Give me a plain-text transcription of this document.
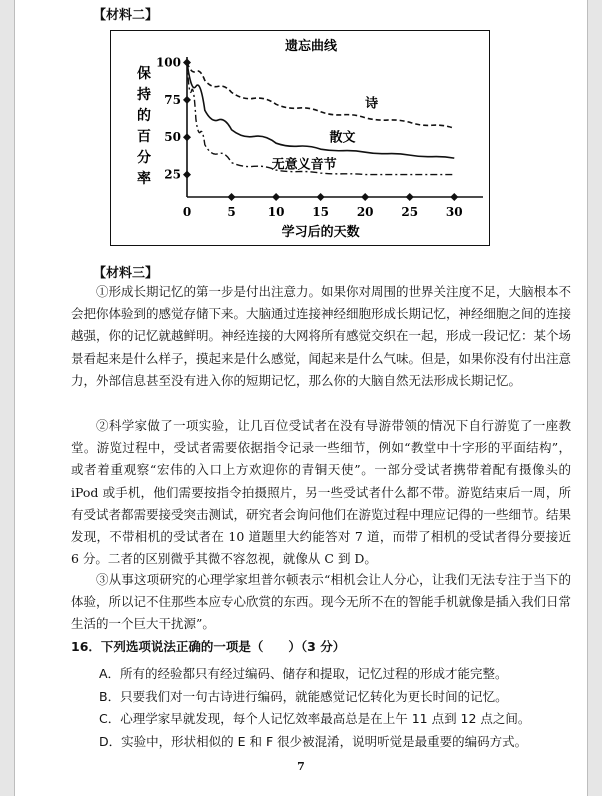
【材料二】
遗忘曲线
保
持
的
百
分
率
100
75
50
25
0	5	10 15 20 25 30
学习后的天数
诗
散文
无意义音节
【材料三】

①形成长期记忆的第一步是付出注意力。如果你对周围的世界关注度不足，大脑根本不会把你体验到的感觉存储下来。大脑通过连接神经细胞形成长期记忆，神经细胞之间的连接越强，你的记忆就越鲜明。神经连接的大网将所有感觉交织在一起，形成一段记忆：某个场景看起来是什么样子，摸起来是什么感觉，闻起来是什么气味。但是，如果你没有付出注意力，外部信息甚至没有进入你的短期记忆，那么你的大脑自然无法形成长期记忆。

②科学家做了一项实验，让几百位受试者在没有导游带领的情况下自行游览了一座教堂。游览过程中，受试者需要依据指令记录一些细节，例如“教堂中十字形的平面结构”，或者着重观察“宏伟的入口上方欢迎你的青铜天使”。一部分受试者携带着配有摄像头的 iPod 或手机，他们需要按指令拍摄照片，另一些受试者什么都不带。游览结束后一周，所有受试者都需要接受突击测试，研究者会询问他们在游览过程中理应记得的一些细节。结果发现，不带相机的受试者在 10 道题里大约能答对 7 道，而带了相机的受试者得分要接近 6 分。二者的区别微乎其微不容忽视，就像从 C 到 D。

③从事这项研究的心理学家坦普尔顿表示“相机会让人分心，让我们无法专注于当下的体验，所以记不住那些本应专心欣赏的东西。现今无所不在的智能手机就像是插入我们日常生活的一个巨大干扰源”。

16．下列选项说法正确的一项是（　　）（3 分）
A．所有的经验都只有经过编码、储存和提取，记忆过程的形成才能完整。
B．只要我们对一句古诗进行编码，就能感觉记忆转化为更长时间的记忆。
C．心理学家早就发现，每个人记忆效率最高总是在上午 11 点到 12 点之间。
D．实验中，形状相似的 E 和 F 很少被混淆，说明听觉是最重要的编码方式。
7
